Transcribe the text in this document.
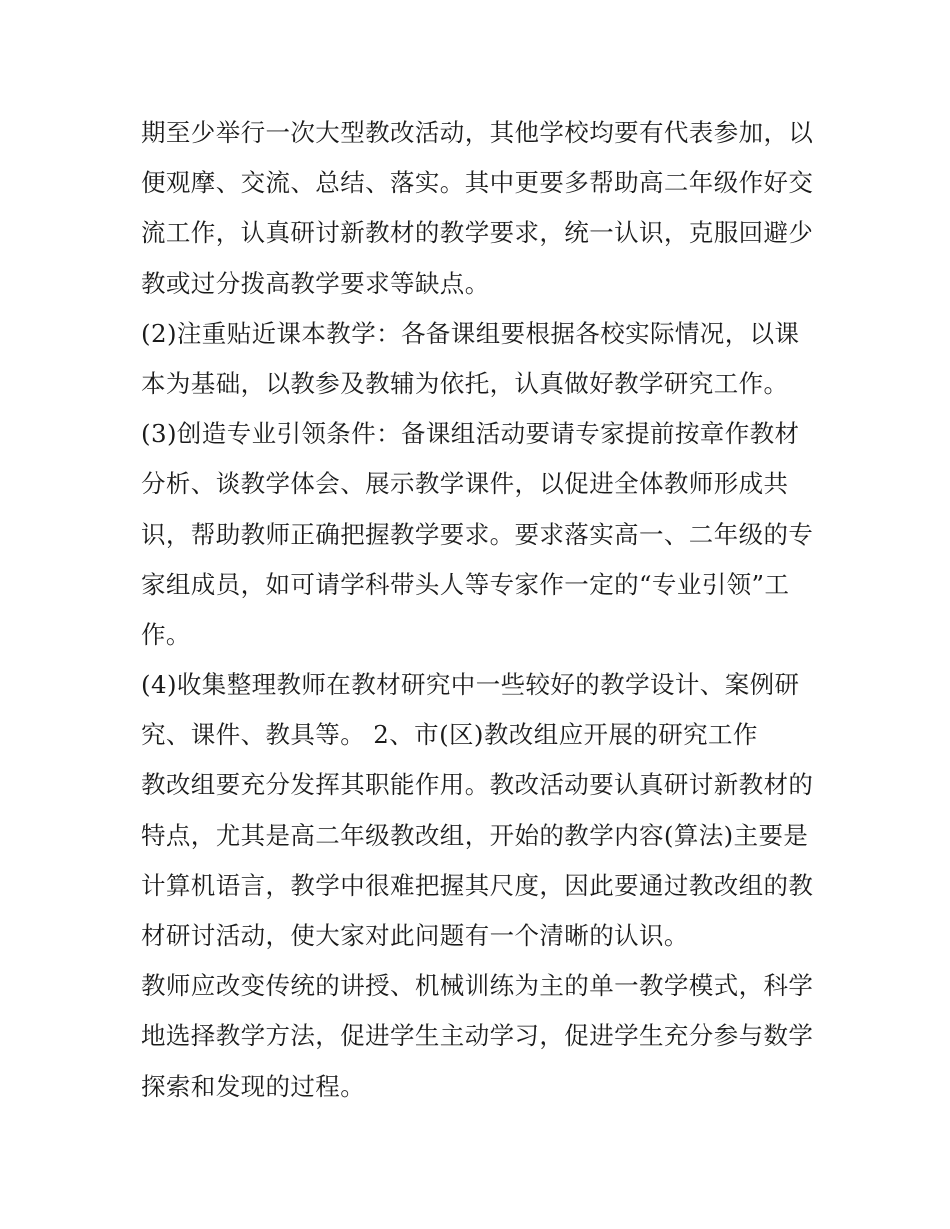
期至少举行一次大型教改活动，其他学校均要有代表参加，以
便观摩、交流、总结、落实。其中更要多帮助高二年级作好交
流工作，认真研讨新教材的教学要求，统一认识，克服回避少
教或过分拨高教学要求等缺点。
(2)注重贴近课本教学：各备课组要根据各校实际情况，以课
本为基础，以教参及教辅为依托，认真做好教学研究工作。
(3)创造专业引领条件：备课组活动要请专家提前按章作教材
分析、谈教学体会、展示教学课件，以促进全体教师形成共
识，帮助教师正确把握教学要求。要求落实高一、二年级的专
家组成员，如可请学科带头人等专家作一定的“专业引领”工
作。
(4)收集整理教师在教材研究中一些较好的教学设计、案例研
究、课件、教具等。 2、市(区)教改组应开展的研究工作
教改组要充分发挥其职能作用。教改活动要认真研讨新教材的
特点，尤其是高二年级教改组，开始的教学内容(算法)主要是
计算机语言，教学中很难把握其尺度，因此要通过教改组的教
材研讨活动，使大家对此问题有一个清晰的认识。
教师应改变传统的讲授、机械训练为主的单一教学模式，科学
地选择教学方法，促进学生主动学习，促进学生充分参与数学
探索和发现的过程。
